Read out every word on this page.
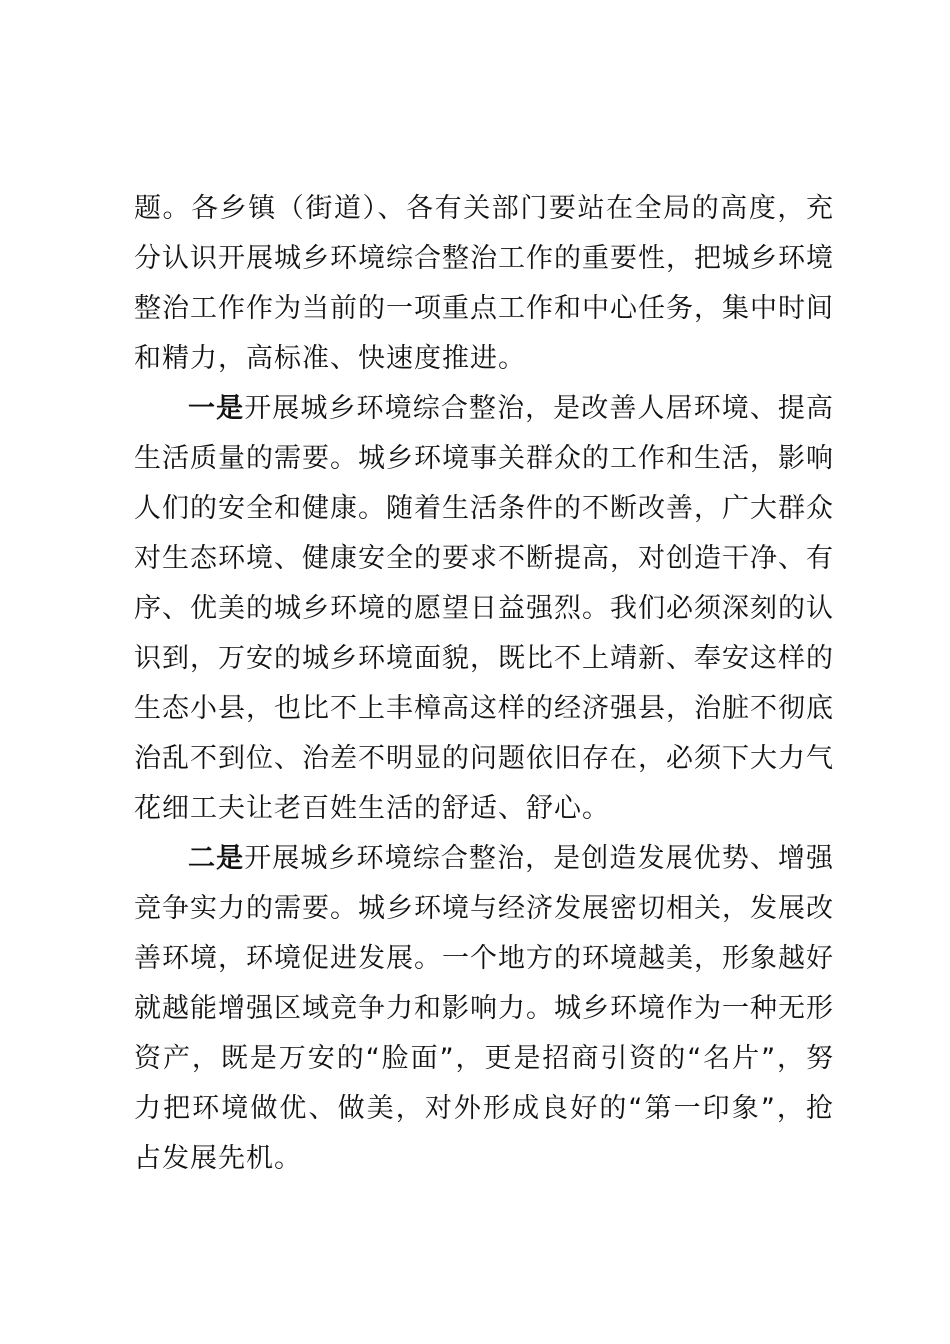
题。各乡镇（街道）、各有关部门要站在全局的高度，充分认识开展城乡环境综合整治工作的重要性，把城乡环境整治工作作为当前的一项重点工作和中心任务，集中时间和精力，高标准、快速度推进。

一是开展城乡环境综合整治，是改善人居环境、提高生活质量的需要。城乡环境事关群众的工作和生活，影响人们的安全和健康。随着生活条件的不断改善，广大群众对生态环境、健康安全的要求不断提高，对创造干净、有序、优美的城乡环境的愿望日益强烈。我们必须深刻的认识到，万安的城乡环境面貌，既比不上靖新、奉安这样的生态小县，也比不上丰樟高这样的经济强县，治脏不彻底治乱不到位、治差不明显的问题依旧存在，必须下大力气花细工夫让老百姓生活的舒适、舒心。

二是开展城乡环境综合整治，是创造发展优势、增强竞争实力的需要。城乡环境与经济发展密切相关，发展改善环境，环境促进发展。一个地方的环境越美，形象越好就越能增强区域竞争力和影响力。城乡环境作为一种无形资产，既是万安的“脸面”，更是招商引资的“名片”，努力把环境做优、做美，对外形成良好的“第一印象”，抢占发展先机。
